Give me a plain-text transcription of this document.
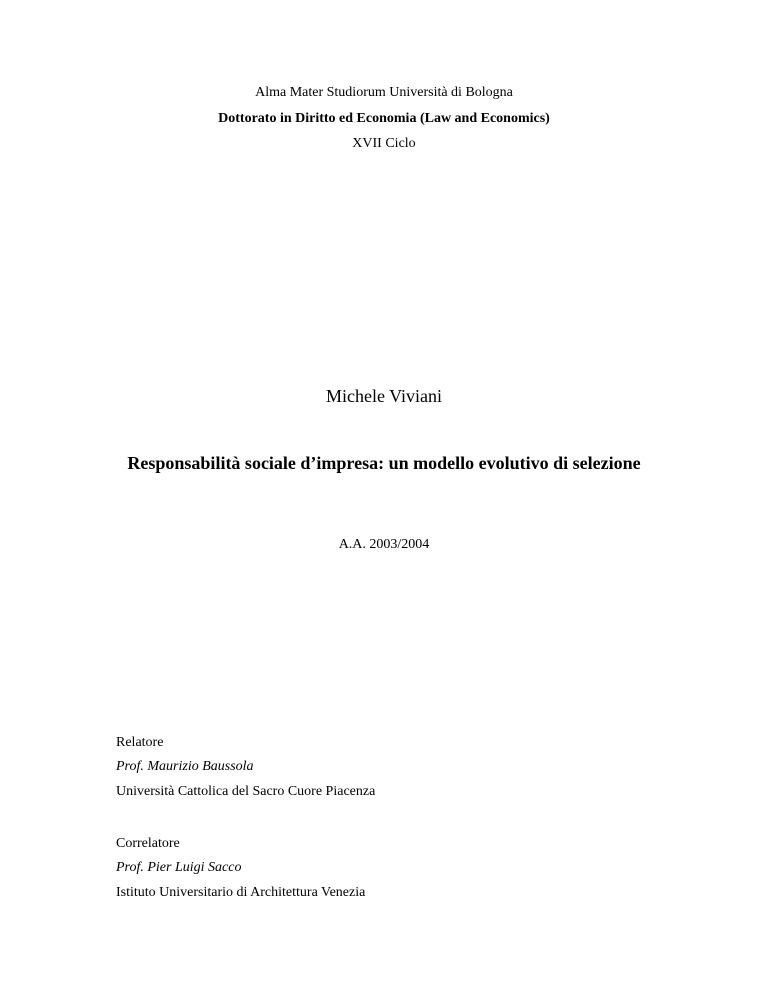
Alma Mater Studiorum Università di Bologna
Dottorato in Diritto ed Economia (Law and Economics)
XVII Ciclo
Michele Viviani
Responsabilità sociale d’impresa: un modello evolutivo di selezione
A.A. 2003/2004
Relatore
Prof. Maurizio Baussola
Università Cattolica del Sacro Cuore Piacenza
Correlatore
Prof. Pier Luigi Sacco
Istituto Universitario di Architettura Venezia
